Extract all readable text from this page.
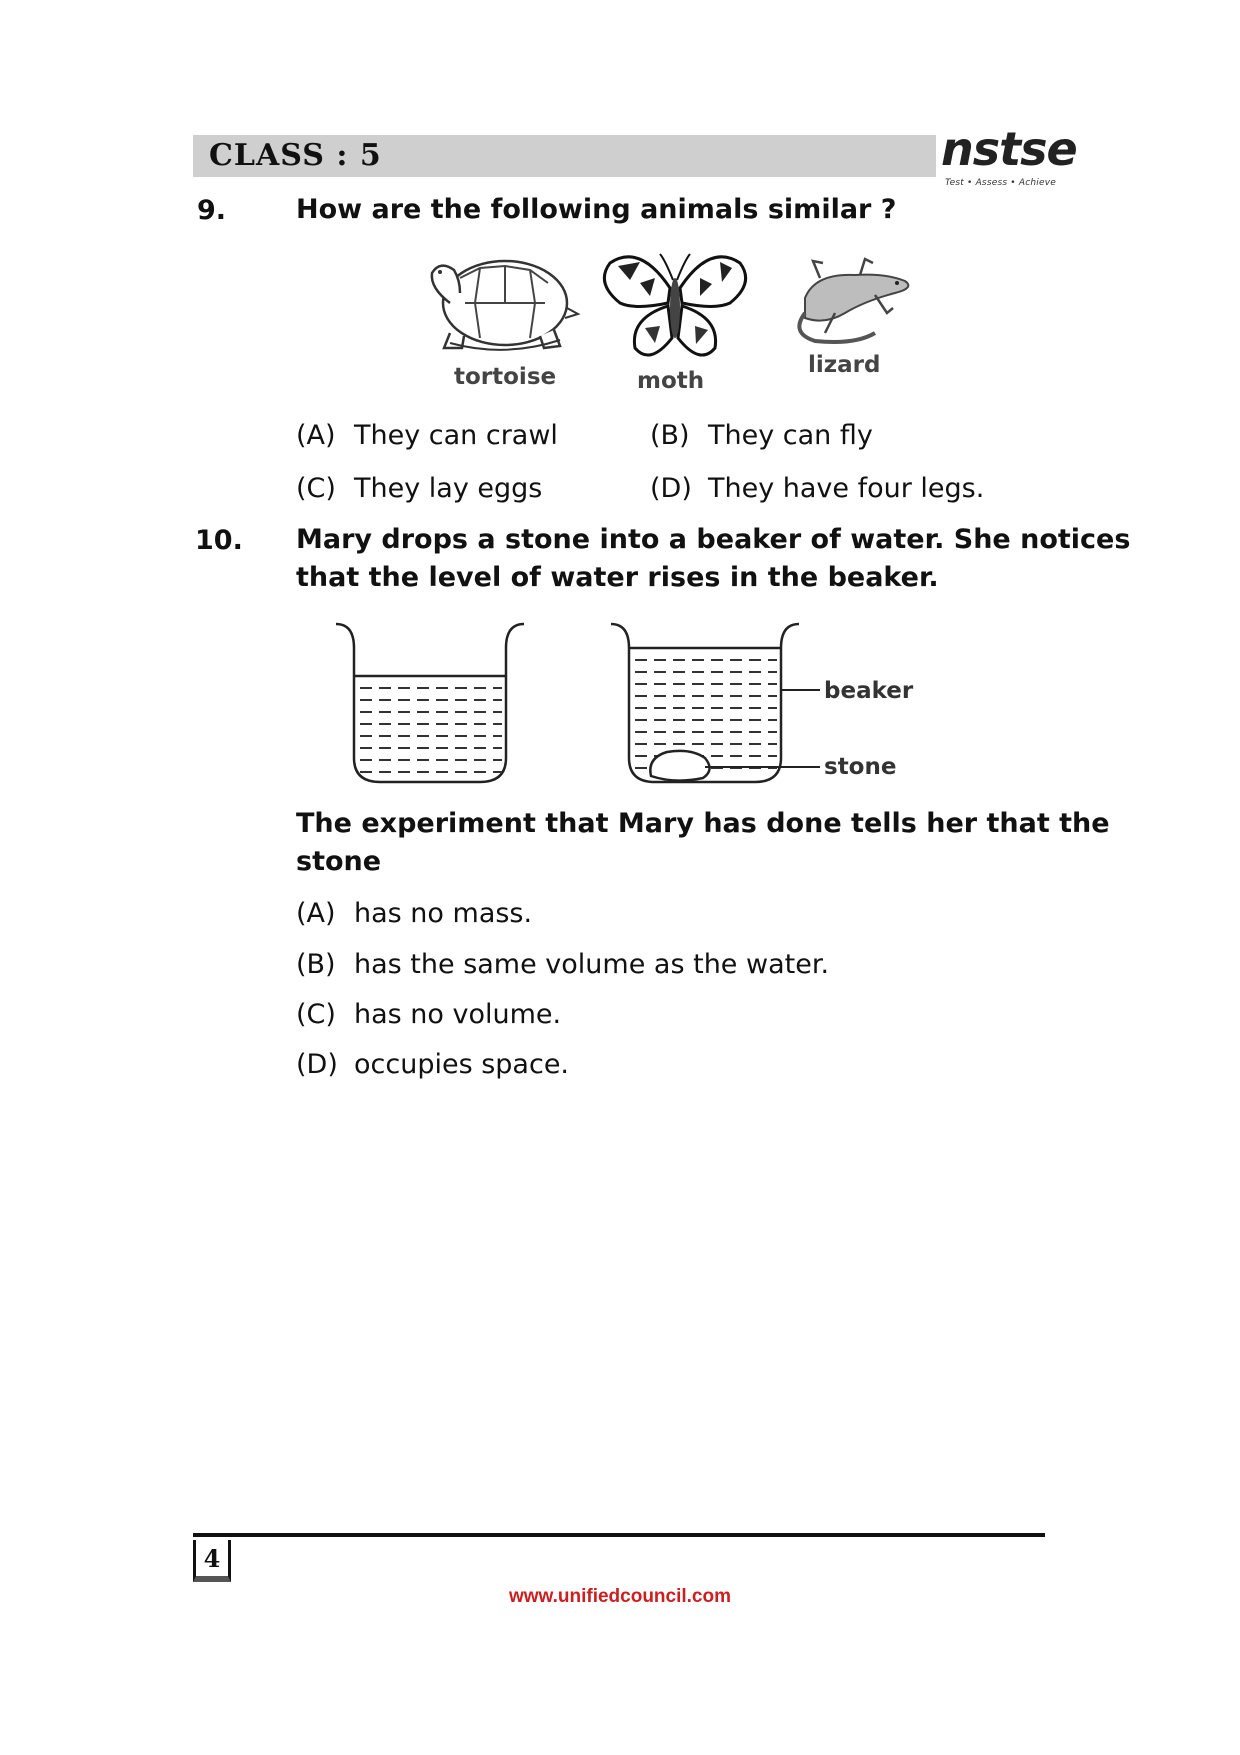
CLASS : 5	nstse
Test • Assess • Achieve
9.	How are the following animals similar ?
tortoise	moth
lizard
(A) They can crawl	(B) They can fly
(C) They lay eggs	(D) They have four legs.
10. Mary drops a stone into a beaker of water. She notices
that the level of water rises in the beaker.
beaker
stone
The experiment that Mary has done tells her that the
stone
(A) has no mass.
(B) has the same volume as the water.
(C) has no volume.
(D) occupies space.
4
www.unifiedcouncil.com
